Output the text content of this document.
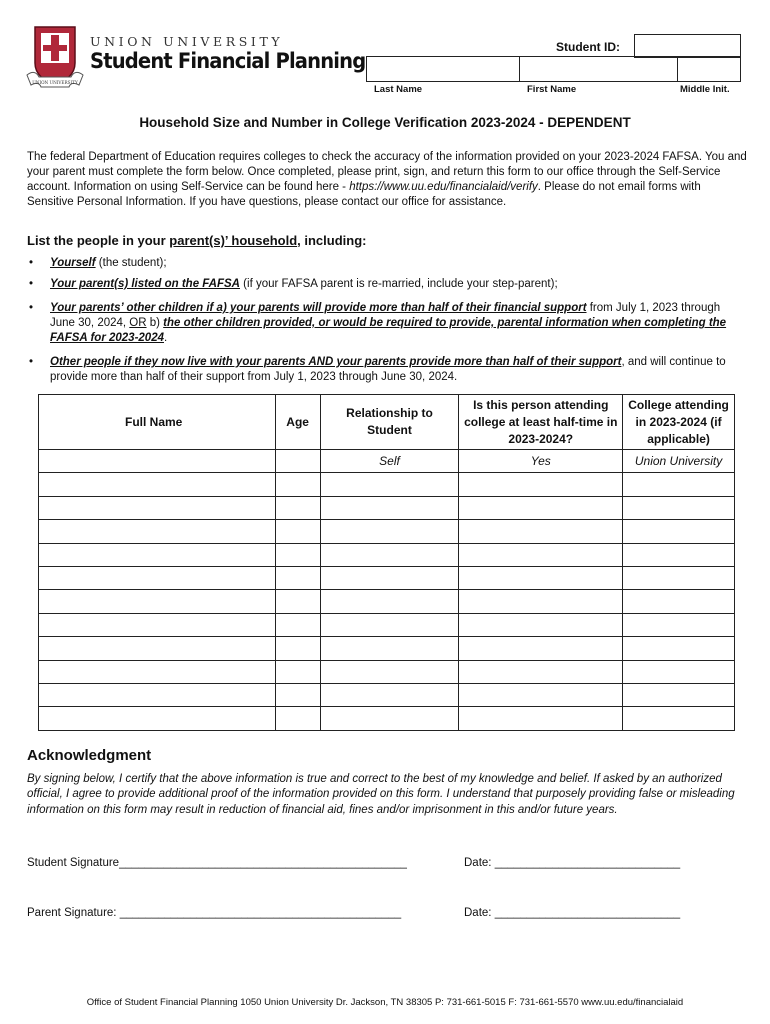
UNION UNIVERSITY
UNION UNIVERSITY
Student Financial Planning
Student ID:
Last Name	First Name	Middle Init.
Household Size and Number in College Verification 2023-2024 - DEPENDENT
The federal Department of Education requires colleges to check the accuracy of the information provided on your 2023-2024 FAFSA. You and your parent must complete the form below. Once completed, please print, sign, and return this form to our office through the Self-Service account. Information on using Self-Service can be found here - https://www.uu.edu/financialaid/verify. Please do not email forms with Sensitive Personal Information. If you have questions, please contact our office for assistance.
List the people in your parent(s)’ household, including:
• Yourself (the student);
• Your parent(s) listed on the FAFSA (if your FAFSA parent is re-married, include your step-parent);
• Your parents’ other children if a) your parents will provide more than half of their financial support from July 1, 2023 through June 30, 2024, OR b) the other children provided, or would be required to provide, parental information when completing the FAFSA for 2023-2024.
• Other people if they now live with your parents AND your parents provide more than half of their support, and will continue to provide more than half of their support from July 1, 2023 through June 30, 2024.
Full Name	Age	Relationship to Student	Is this person attending college at least half-time in 2023-2024?	College attending in 2023-2024 (if applicable)
		Self	Yes	Union University

Acknowledgment
By signing below, I certify that the above information is true and correct to the best of my knowledge and belief. If asked by an authorized official, I agree to provide additional proof of the information provided on this form. I understand that purposely providing false or misleading information on this form may result in reduction of financial aid, fines and/or imprisonment in this and/or future years.
Student Signature_____________________________________________	Date: _____________________________
Parent Signature: ____________________________________________	Date: _____________________________
Office of Student Financial Planning 1050 Union University Dr. Jackson, TN 38305 P: 731-661-5015 F: 731-661-5570 www.uu.edu/financialaid
